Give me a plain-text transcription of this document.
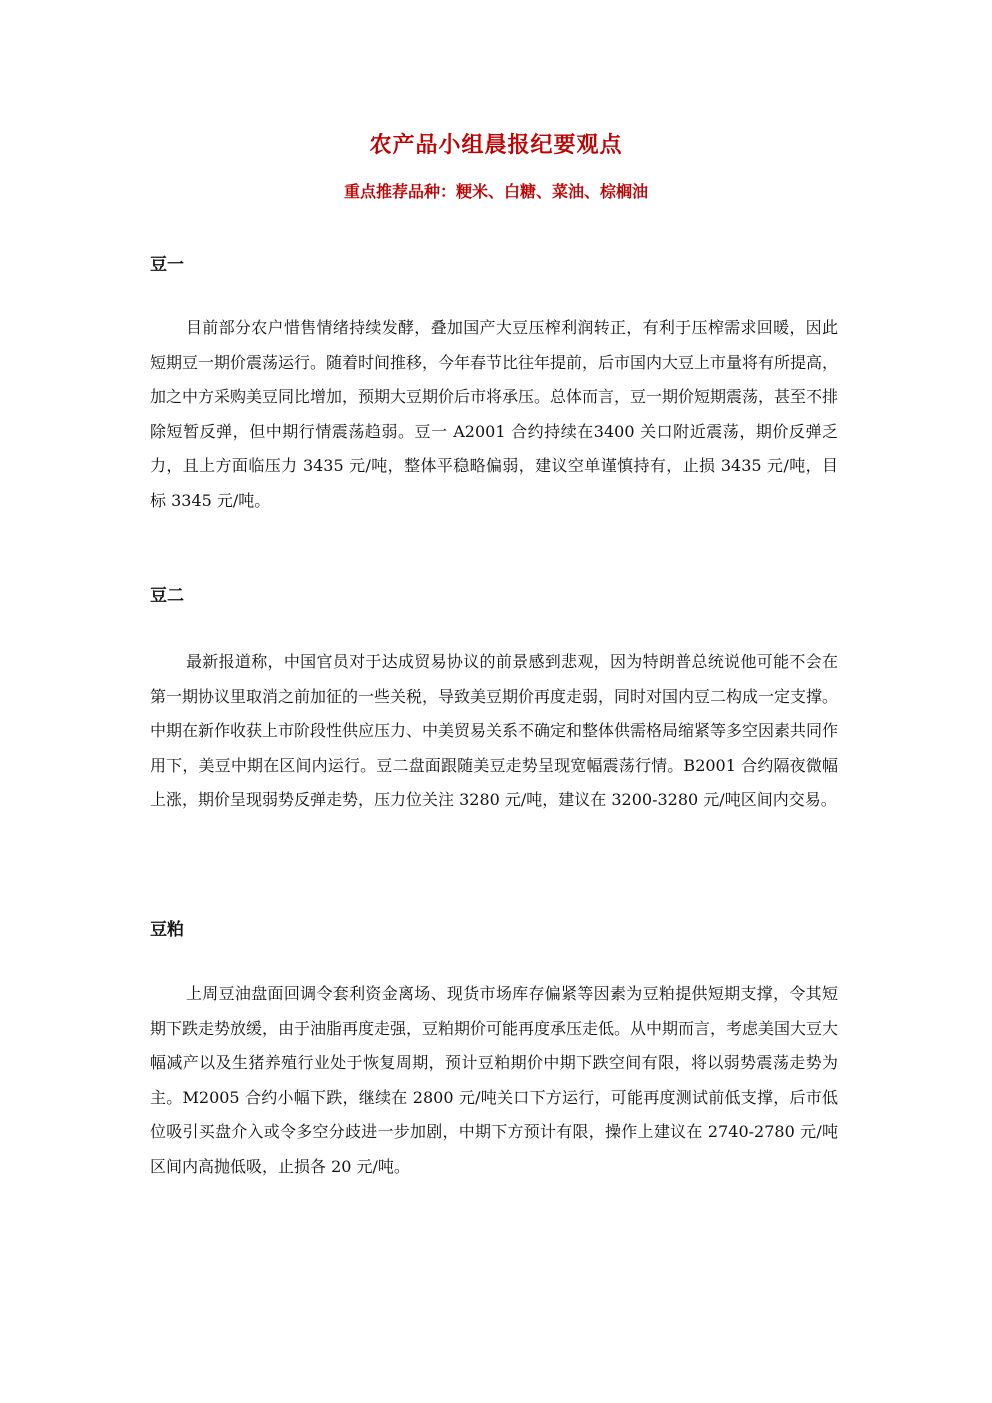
农产品小组晨报纪要观点
重点推荐品种：粳米、白糖、菜油、棕榈油
豆一

目前部分农户惜售情绪持续发酵，叠加国产大豆压榨利润转正，有利于压榨需求回暖，因此短期豆一期价震荡运行。随着时间推移，今年春节比往年提前，后市国内大豆上市量将有所提高，加之中方采购美豆同比增加，预期大豆期价后市将承压。总体而言，豆一期价短期震荡，甚至不排除短暂反弹，但中期行情震荡趋弱。豆一 A2001 合约持续在3400 关口附近震荡，期价反弹乏力，且上方面临压力 3435 元/吨，整体平稳略偏弱，建议空单谨慎持有，止损 3435 元/吨，目标 3345 元/吨。

豆二

最新报道称，中国官员对于达成贸易协议的前景感到悲观，因为特朗普总统说他可能不会在第一期协议里取消之前加征的一些关税，导致美豆期价再度走弱，同时对国内豆二构成一定支撑。中期在新作收获上市阶段性供应压力、中美贸易关系不确定和整体供需格局缩紧等多空因素共同作用下，美豆中期在区间内运行。豆二盘面跟随美豆走势呈现宽幅震荡行情。B2001 合约隔夜微幅上涨，期价呈现弱势反弹走势，压力位关注 3280 元/吨，建议在 3200-3280 元/吨区间内交易。

豆粕

上周豆油盘面回调令套利资金离场、现货市场库存偏紧等因素为豆粕提供短期支撑，令其短期下跌走势放缓，由于油脂再度走强，豆粕期价可能再度承压走低。从中期而言，考虑美国大豆大幅减产以及生猪养殖行业处于恢复周期，预计豆粕期价中期下跌空间有限，将以弱势震荡走势为主。M2005 合约小幅下跌，继续在 2800 元/吨关口下方运行，可能再度测试前低支撑，后市低位吸引买盘介入或令多空分歧进一步加剧，中期下方预计有限，操作上建议在 2740-2780 元/吨区间内高抛低吸，止损各 20 元/吨。
